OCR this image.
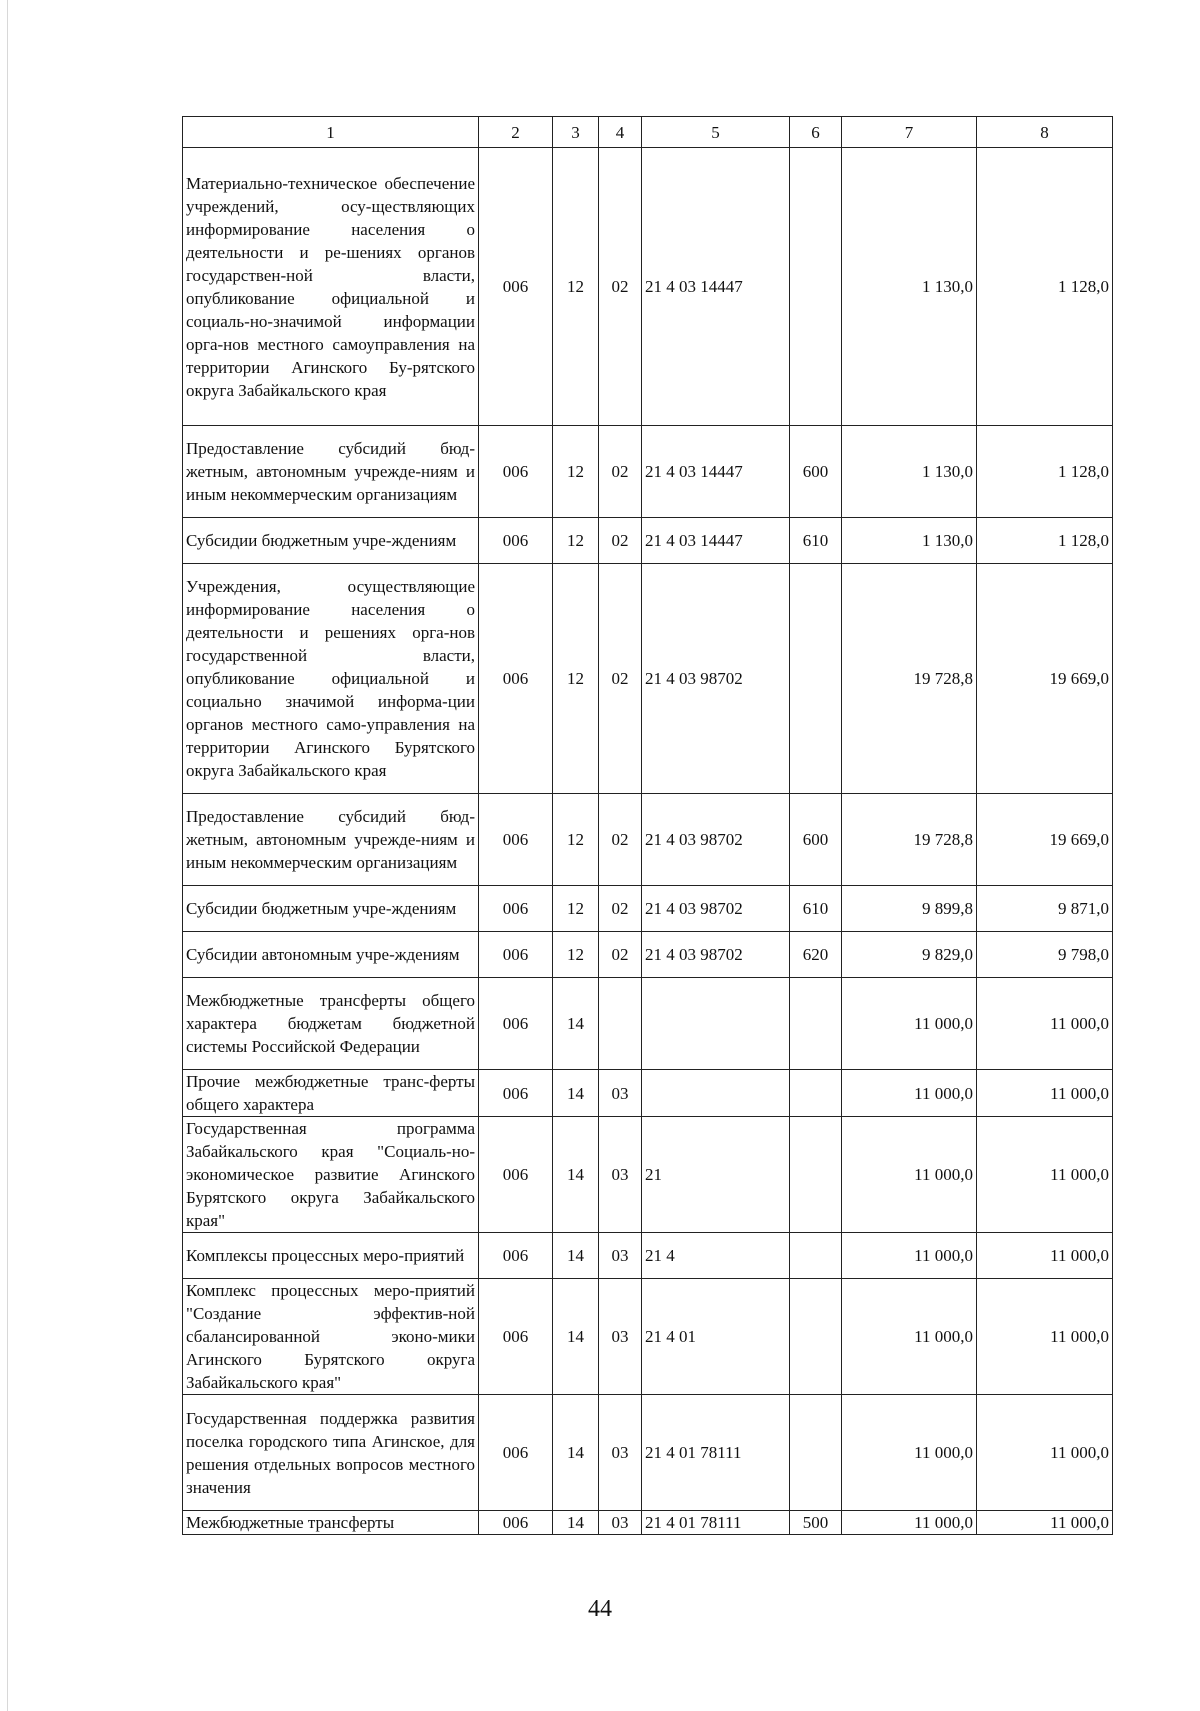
1	2	3	4	5	6	7	8
Материально-техническое обеспечение учреждений, осу-ществляющих информирование населения о деятельности и ре-шениях органов государствен-ной власти, опубликование официальной и социаль-но-значимой информации орга-нов местного самоуправления на территории Агинского Бу-рятского округа Забайкальского края	006	12	02	21 4 03 14447		1 130,0	1 128,0
Предоставление субсидий бюд-жетным, автономным учрежде-ниям и иным некоммерческим организациям	006	12	02	21 4 03 14447	600	1 130,0	1 128,0
Субсидии бюджетным учре-ждениям	006	12	02	21 4 03 14447	610	1 130,0	1 128,0
Учреждения, осуществляющие информирование населения о деятельности и решениях орга-нов государственной власти, опубликование официальной и социально значимой информа-ции органов местного само-управления на территории Агинского Бурятского округа Забайкальского края	006	12	02	21 4 03 98702		19 728,8	19 669,0
Предоставление субсидий бюд-жетным, автономным учрежде-ниям и иным некоммерческим организациям	006	12	02	21 4 03 98702	600	19 728,8	19 669,0
Субсидии бюджетным учре-ждениям	006	12	02	21 4 03 98702	610	9 899,8	9 871,0
Субсидии автономным учре-ждениям	006	12	02	21 4 03 98702	620	9 829,0	9 798,0
Межбюджетные трансферты общего характера бюджетам бюджетной системы Российской Федерации	006	14				11 000,0	11 000,0
Прочие межбюджетные транс-ферты общего характера	006	14	03			11 000,0	11 000,0
Государственная программа Забайкальского края "Социаль-но-экономическое развитие Агинского Бурятского округа Забайкальского края"	006	14	03	21		11 000,0	11 000,0
Комплексы процессных меро-приятий	006	14	03	21 4		11 000,0	11 000,0
Комплекс процессных меро-приятий "Создание эффектив-ной сбалансированной эконо-мики Агинского Бурятского округа Забайкальского края"	006	14	03	21 4 01		11 000,0	11 000,0
Государственная поддержка развития поселка городского типа Агинское, для решения отдельных вопросов местного значения	006	14	03	21 4 01 78111		11 000,0	11 000,0
Межбюджетные трансферты	006	14	03	21 4 01 78111	500	11 000,0	11 000,0
44
